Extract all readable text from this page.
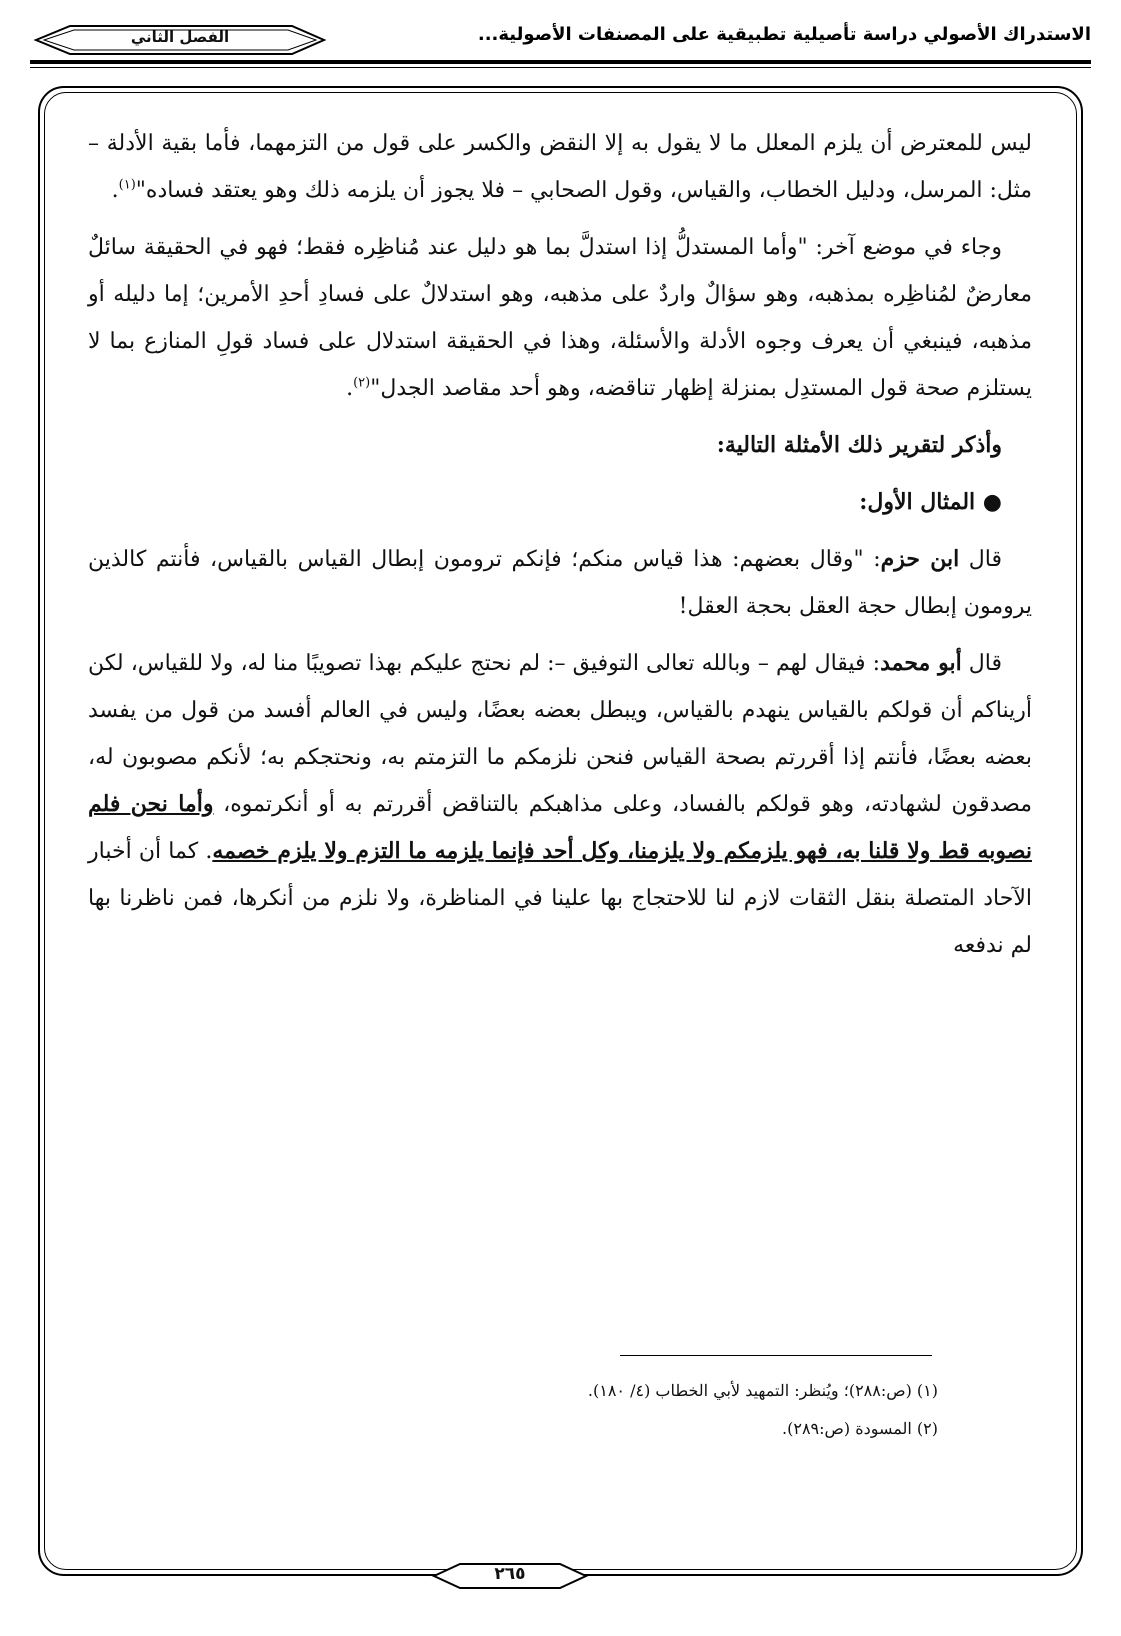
الاستدراك الأصولي دراسة تأصيلية تطبيقية على المصنفات الأصولية...
الفصل الثاني

ليس للمعترض أن يلزم المعلل ما لا يقول به إلا النقض والكسر على قول من التزمهما، فأما بقية الأدلة – مثل: المرسل، ودليل الخطاب، والقياس، وقول الصحابي – فلا يجوز أن يلزمه ذلك وهو يعتقد فساده"$^{(١)}$.

وجاء في موضع آخر: "وأما المستدلُّ إذا استدلَّ بما هو دليل عند مُناظِره فقط؛ فهو في الحقيقة سائلٌ معارضٌ لمُناظِره بمذهبه، وهو سؤالٌ واردٌ على مذهبه، وهو استدلالٌ على فسادِ أحدِ الأمرين؛ إما دليله أو مذهبه، فينبغي أن يعرف وجوه الأدلة والأسئلة، وهذا في الحقيقة استدلال على فساد قولِ المنازع بما لا يستلزم صحة قول المستدِل بمنزلة إظهار تناقضه، وهو أحد مقاصد الجدل"$^{(٢)}$.

وأذكر لتقرير ذلك الأمثلة التالية:

● المثال الأول:

قال ابن حزم: "وقال بعضهم: هذا قياس منكم؛ فإنكم ترومون إبطال القياس بالقياس، فأنتم كالذين يرومون إبطال حجة العقل بحجة العقل!

قال أبو محمد: فيقال لهم – وبالله تعالى التوفيق –: لم نحتج عليكم بهذا تصويبًا منا له، ولا للقياس، لكن أريناكم أن قولكم بالقياس ينهدم بالقياس، ويبطل بعضه بعضًا، وليس في العالم أفسد من قول من يفسد بعضه بعضًا، فأنتم إذا أقررتم بصحة القياس فنحن نلزمكم ما التزمتم به، ونحتجكم به؛ لأنكم مصوبون له، مصدقون لشهادته، وهو قولكم بالفساد، وعلى مذاهبكم بالتناقض أقررتم به أو أنكرتموه، وأما نحن فلم نصوبه قط ولا قلنا به، فهو يلزمكم ولا يلزمنا، وكل أحد فإنما يلزمه ما التزم ولا يلزم خصمه. كما أن أخبار الآحاد المتصلة بنقل الثقات لازم لنا للاحتجاج بها علينا في المناظرة، ولا نلزم من أنكرها، فمن ناظرنا بها لم ندفعه

(١) (ص:٢٨٨)؛ ويُنظر: التمهيد لأبي الخطاب (٤/ ١٨٠).
(٢) المسودة (ص:٢٨٩).
٢٦٥
